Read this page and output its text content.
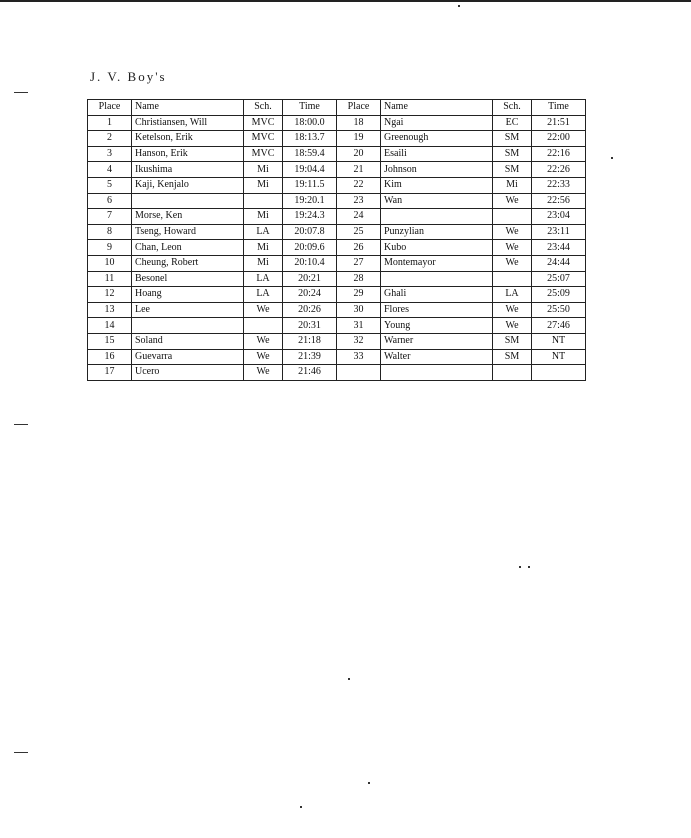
J. V. Boy's
Place	Name	Sch.	Time	Place	Name	Sch.	Time
1	Christiansen, Will	MVC	18:00.0	18	Ngai	EC	21:51
2	Ketelson, Erik	MVC	18:13.7	19	Greenough	SM	22:00
3	Hanson, Erik	MVC	18:59.4	20	Esaili	SM	22:16
4	Ikushima	Mi	19:04.4	21	Johnson	SM	22:26
5	Kaji, Kenjalo	Mi	19:11.5	22	Kim	Mi	22:33
6			19:20.1	23	Wan	We	22:56
7	Morse, Ken	Mi	19:24.3	24			23:04
8	Tseng, Howard	LA	20:07.8	25	Punzylian	We	23:11
9	Chan, Leon	Mi	20:09.6	26	Kubo	We	23:44
10	Cheung, Robert	Mi	20:10.4	27	Montemayor	We	24:44
11	Besonel	LA	20:21	28			25:07
12	Hoang	LA	20:24	29	Ghali	LA	25:09
13	Lee	We	20:26	30	Flores	We	25:50
14			20:31	31	Young	We	27:46
15	Soland	We	21:18	32	Warner	SM	NT
16	Guevarra	We	21:39	33	Walter	SM	NT
17	Ucero	We	21:46				
